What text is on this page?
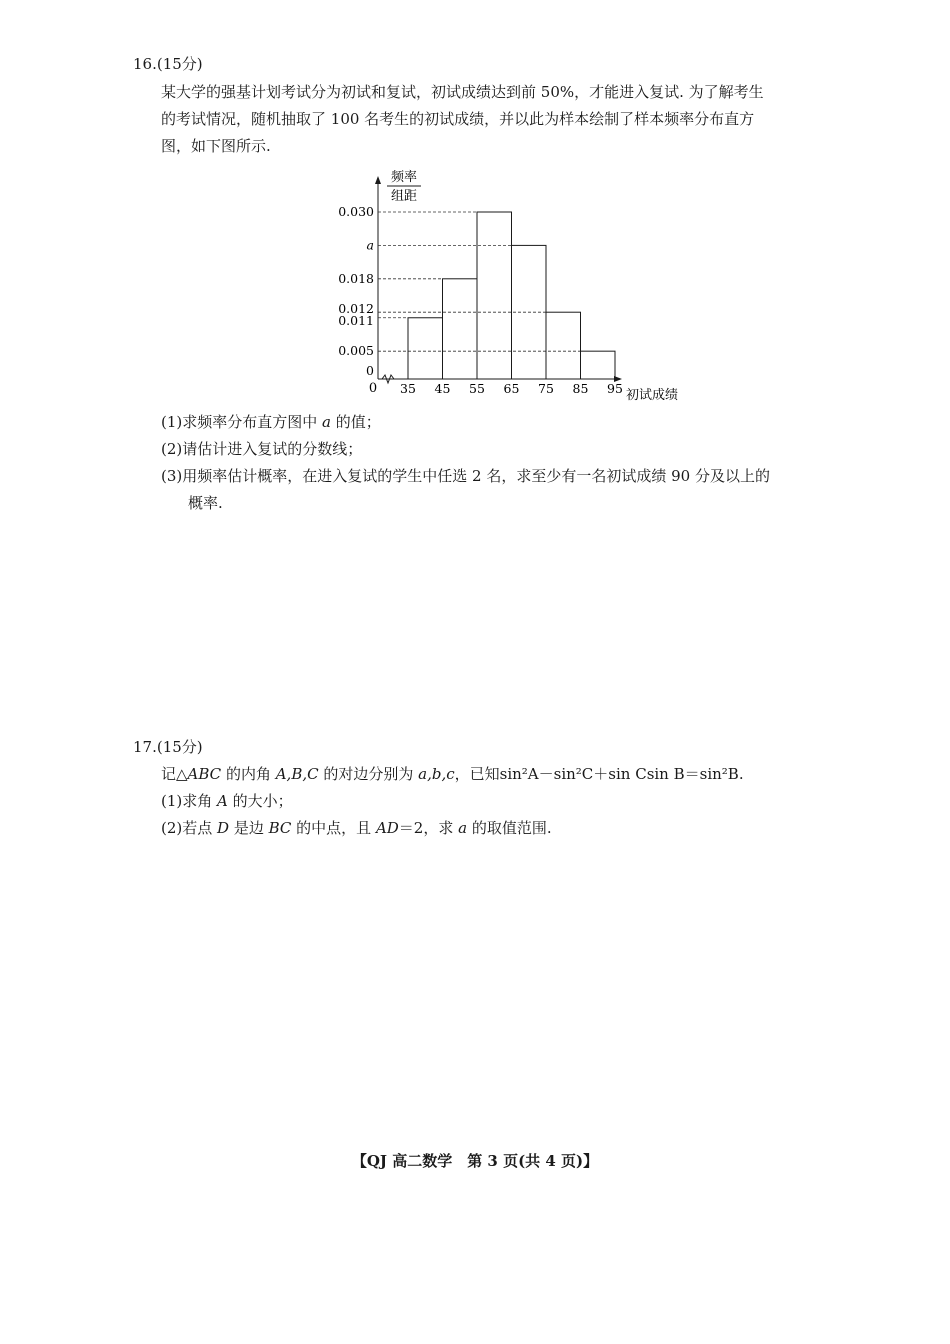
16.(15分)
某大学的强基计划考试分为初试和复试，初试成绩达到前 50%，才能进入复试. 为了解考生
的考试情况，随机抽取了 100 名考生的初试成绩，并以此为样本绘制了样本频率分布直方
图，如下图所示.
0
0.005
0.011
0.012
0.018
a
0.030
35 45 55 65 75 85 95
频率
组距
初试成绩
0
(1)求频率分布直方图中 a 的值；
(2)请估计进入复试的分数线；
(3)用频率估计概率，在进入复试的学生中任选 2 名，求至少有一名初试成绩 90 分及以上的
概率.
17.(15分)
记△ABC 的内角 A,B,C 的对边分别为 a,b,c，已知sin²A－sin²C＋sin Csin B＝sin²B.
(1)求角 A 的大小；
(2)若点 D 是边 BC 的中点，且 AD＝2，求 a 的取值范围.
【QJ 高二数学　第 3 页(共 4 页)】
